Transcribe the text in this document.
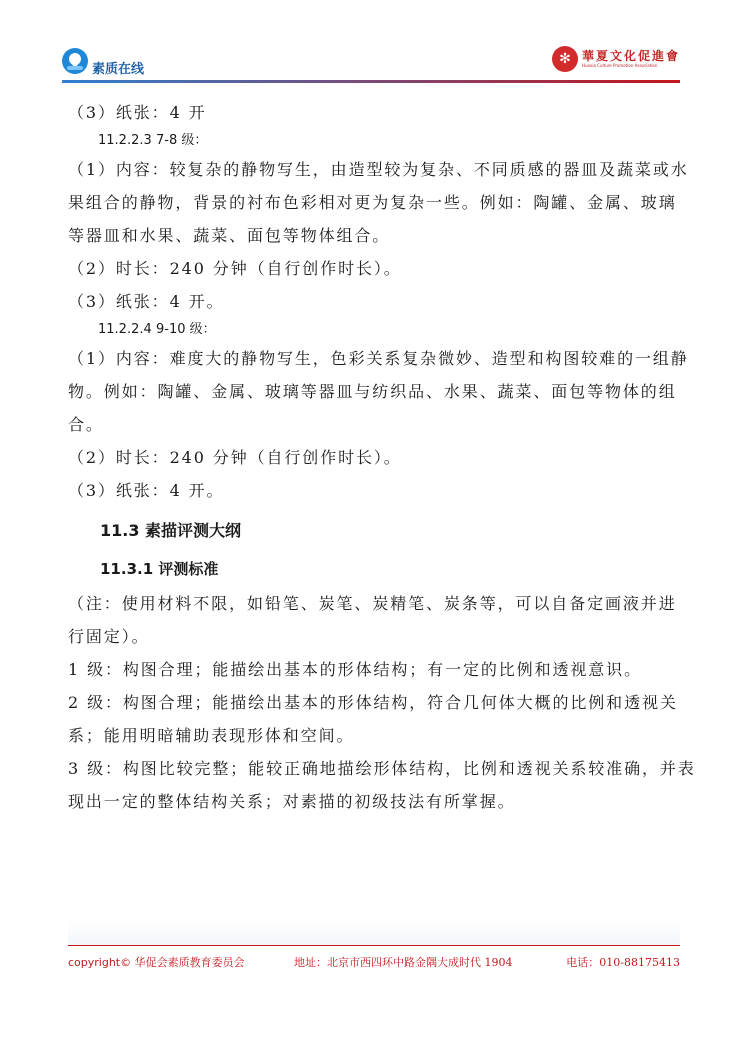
素质在线
✻ 華夏文化促進會
Huaxia Culture Promotion Association
（3）纸张：4 开
11.2.2.3 7-8 级：
（1）内容：较复杂的静物写生，由造型较为复杂、不同质感的器皿及蔬菜或水
果组合的静物，背景的衬布色彩相对更为复杂一些。例如：陶罐、金属、玻璃
等器皿和水果、蔬菜、面包等物体组合。
（2）时长：240 分钟（自行创作时长）。
（3）纸张：4 开。
11.2.2.4 9-10 级：
（1）内容：难度大的静物写生，色彩关系复杂微妙、造型和构图较难的一组静
物。例如：陶罐、金属、玻璃等器皿与纺织品、水果、蔬菜、面包等物体的组
合。
（2）时长：240 分钟（自行创作时长）。
（3）纸张：4 开。
11.3 素描评测大纲
11.3.1 评测标准
（注：使用材料不限，如铅笔、炭笔、炭精笔、炭条等，可以自备定画液并进
行固定）。
1 级：构图合理；能描绘出基本的形体结构；有一定的比例和透视意识。
2 级：构图合理；能描绘出基本的形体结构，符合几何体大概的比例和透视关
系；能用明暗辅助表现形体和空间。
3 级：构图比较完整；能较正确地描绘形体结构，比例和透视关系较准确，并表
现出一定的整体结构关系；对素描的初级技法有所掌握。
copyright© 华促会素质教育委员会	地址：北京市西四环中路金隅大成时代 1904	电话：010-88175413
